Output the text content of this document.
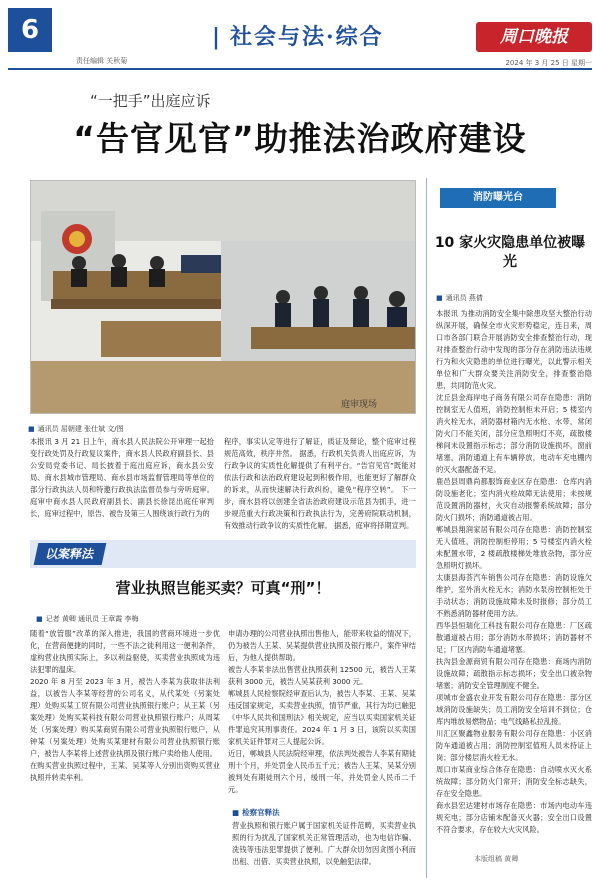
6
责任编辑 关秋菊
| 社会与法·综合	周口晚报
2024 年 3 月 25 日 星期一
“一把手”出庭应诉
“告官见官”助推法治政府建设
庭审现场
■ 通讯员 屈朝建 张仕斌 文/图
本报讯 3 月 21 日上午，商水县人民法院公开审理一起拾变行政处罚及行政复议案件，商水县人民政府副县长、县公安局党委书记、局长披着于庭出庭应诉，商水县公安局、商水县城市管理局、商水县市场监督管理局等单位的部分行政执法人员和特邀行政执法监督员参与旁听庭审。 庭审中商水县人民政府副县长、副县长徐昆出庭任审判长，庭审过程中，原告、被告及第三人围绕该行政行为的
程序，事实认定等进行了解证，质证及辩论，整个庭审过程规范高效，秩序井然。 据悉，行政机关负责人出庭应诉，为行政争议的实质性化解提供了有利平台。“告官见官”既能对依法行政和法治政府建设起到积极作用，也能更好了解群众的诉求，从而快速解决行政纠纷，避免“程序空转”。 下一步，商水县将以创建全省法治政府建设示范县为抓手，进一步规范重大行政决策和行政执法行为，完善府院联动机制，有效推动行政争议的实质性化解。 据悉，庭审将择期宣判。
消防曝光台
10 家火灾隐患单位被曝光
■ 通讯员 燕倩
本报讯 为推动消防安全集中除患攻坚大整治行动纵深开展，确保全市火灾形势稳定，连日来，周口市各部门联合开展消防安全排查整治行动，现对排查整治行动中发现的部分存在消防违法违规行为和火灾隐患的单位进行曝光，以此警示相关单位和广大群众要关注消防安全，排查整治隐患，共同防范火灾。
沈丘县金海岸电子商务有限公司存在隐患：消防控制室无人值班，消防控制柜未开启；5 楼室内消火栓无水，消防器材箱内无水枪、水带，常闭防火门不能关闭，部分应急照明灯不亮，疏散楼梯间未设置指示标志；部分消防设施损坏，窗前堵塞，消防通道上有车辆停放，电动车充电棚内的灭火器配备不足。
鹿邑县周鼎尚都服饰商业区存在隐患：仓库内消防设施老化；室内消火栓故障无法使用；未按规范设置消防器材，火灾自动报警系统故障；部分防火门损坏；消防通道被占用。
郸城县翔润家居有限公司存在隐患：消防控制室无人值班，消防控制柜停用；5 号楼室内消火栓未配置水带，2 楼疏散楼梯处堆放杂物，部分应急照明灯损坏。
太康县海荟汽车销售公司存在隐患：消防设施欠维护，室外消火栓无水；消防水泵房控制柜处于手动状态；消防设施故障未及时报修；部分员工不熟悉消防器材使用方法。
西华县恒瑞化工科技有限公司存在隐患：厂区疏散通道被占用；部分消防水带损坏；消防器材不足；厂区内消防车通道堵塞。
扶沟县金源商贸有限公司存在隐患：商场内消防设施故障；疏散指示标志损坏；安全出口被杂物堵塞；消防安全管理制度不健全。
项城市金盛农业开发有限公司存在隐患：部分区域消防设施缺失；员工消防安全培训不到位；仓库内堆放易燃物品；电气线路私拉乱接。
川汇区聚鑫物业服务有限公司存在隐患：小区消防车通道被占用；消防控制室值班人员未持证上岗；部分楼层消火栓无水。
周口市某商业综合体存在隐患：自动喷水灭火系统故障；部分防火门常开；消防安全标志缺失，存在安全隐患。
商水县宏达建材市场存在隐患：市场内电动车违规充电；部分店铺未配备灭火器；安全出口设置不符合要求，存在较大火灾风险。
以案释法
营业执照岂能买卖？可真“刑”！
■ 记者 黄卿 通讯员 王章霞 李梅
随着“放管服”改革的深入推进，我国的营商环境进一步优化，在营商便捷的同时，一些不法之徒利用这一便利条件，虚构营业执照实际上，多以利益驱使，买卖营业执照成为违法犯罪的温床。
2020 年 8 月至 2023 年 3 月，被告人李某为获取非法利益，以被告人李某等经营的公司名义，从代某处（另案处理）处购买某工贸有限公司营业执照银行账户；从王某（另案处理）处购买某科技有限公司营业执照银行账户；从周某处（另案处理）购买某商贸有限公司营业执照银行账户，从钟某（另案处理）处购买某建材有限公司营业执照银行账户，被告人李某将上述营业执照及银行账户卖给他人使用。
在购买营业执照过程中，王某、吴某等人分别出资购买营业执照并转卖牟利。
申请办理的公司营业执照出售他人，能带来收益的情况下，仍为被告人王某、吴某提供营业执照及银行账户，案件审结后，为他人提供帮助。
被告人李某非法出售营业执照获利 12500 元，被告人王某获利 3000 元，被告人吴某获利 3000 元。
郸城县人民检察院经审查后认为，被告人李某、王某、吴某违反国家规定，买卖营业执照，情节严重，其行为均已触犯《中华人民共和国刑法》相关规定，应当以买卖国家机关证件罪追究其刑事责任。2024 年 1 月 3 日，该院以买卖国家机关证件罪对三人提起公诉。
近日，郸城县人民法院经审理，依法判处被告人李某有期徒刑十个月，并处罚金人民币五千元；被告人王某、吴某分别被判处有期徒刑六个月，缓刑一年，并处罚金人民币二千元。
■ 检察官释法
营业执照和银行账户属于国家机关证件范畴，买卖营业执照的行为扰乱了国家机关正常管理活动，也为电信诈骗、洗钱等违法犯罪提供了便利。广大群众切勿因贪图小利而出租、出借、买卖营业执照，以免触犯法律。	本版组稿 黄卿
